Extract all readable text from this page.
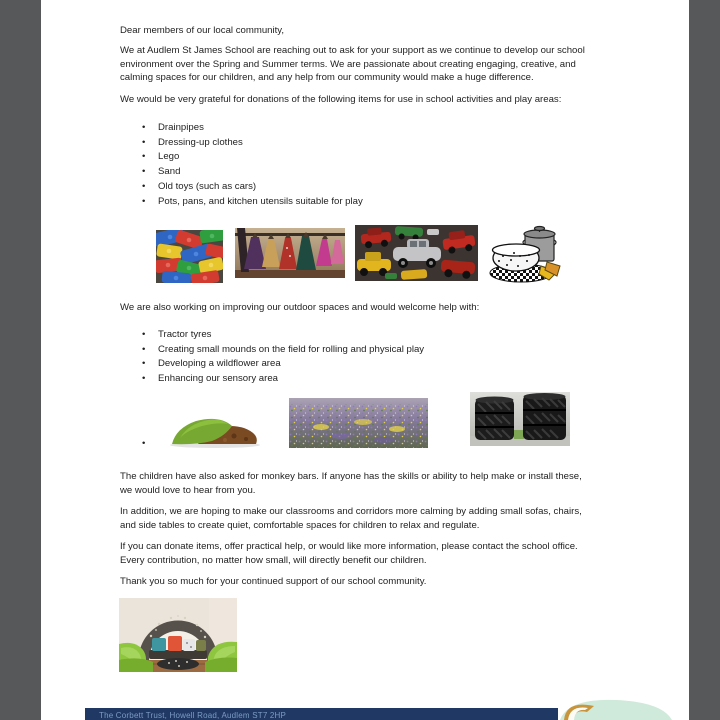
Dear members of our local community,
We at Audlem St James School are reaching out to ask for your support as we continue to develop our school
environment over the Spring and Summer terms. We are passionate about creating engaging, creative, and
calming spaces for our children, and any help from our community would make a huge difference.
We would be very grateful for donations of the following items for use in school activities and play areas:
• Drainpipes
• Dressing-up clothes
• Lego
• Sand
• Old toys (such as cars)
• Pots, pans, and kitchen utensils suitable for play
We are also working on improving our outdoor spaces and would welcome help with:
• Tractor tyres
• Creating small mounds on the field for rolling and physical play
• Developing a wildflower area
• Enhancing our sensory area
•
The children have also asked for monkey bars. If anyone has the skills or ability to help make or install these,
we would love to hear from you.
In addition, we are hoping to make our classrooms and corridors more calming by adding small sofas, chairs,
and side tables to create quiet, comfortable spaces for children to relax and regulate.
If you can donate items, offer practical help, or would like more information, please contact the school office.
Every contribution, no matter how small, will directly benefit our children.
Thank you so much for your continued support of our school community.
The Corbett Trust, Howell Road, Audlem ST7 2HP
